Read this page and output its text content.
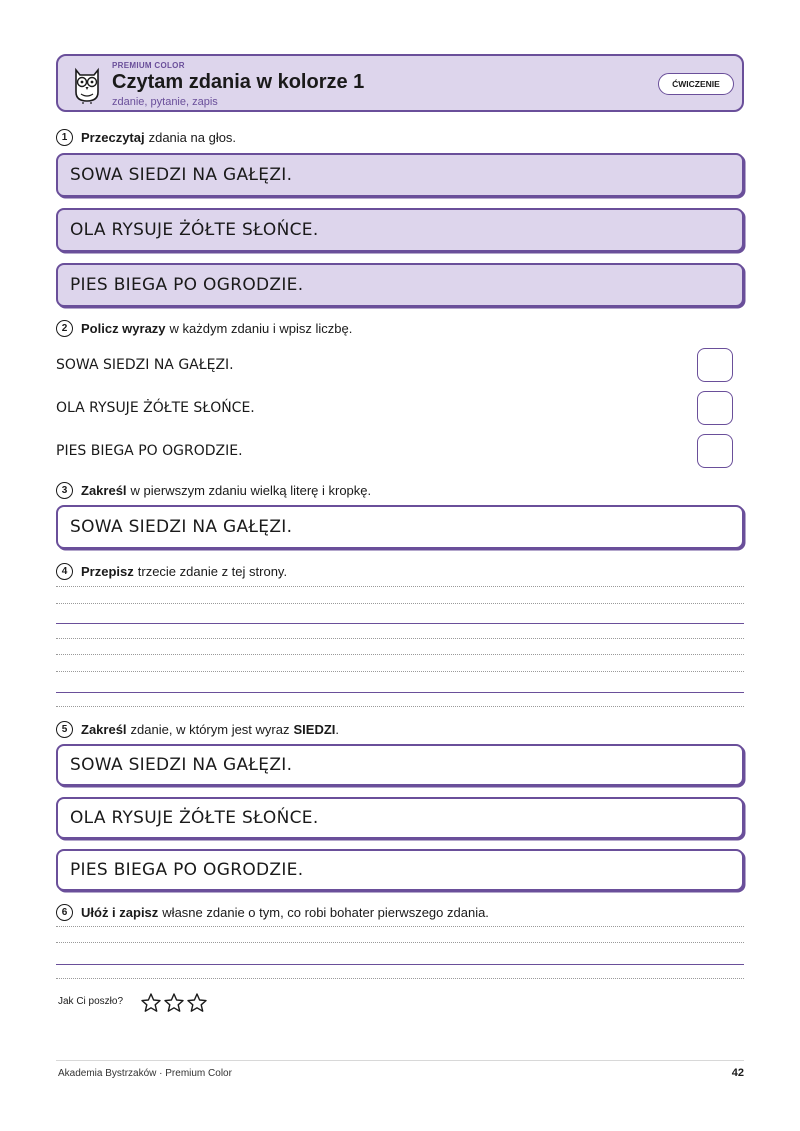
PREMIUM COLOR
Czytam zdania w kolorze 1
zdanie, pytanie, zapis
ĆWICZENIE
1	Przeczytaj zdania na głos.
SOWA SIEDZI NA GAŁĘZI.
OLA RYSUJE ŻÓŁTE SŁOŃCE.
PIES BIEGA PO OGRODZIE.
2	Policz wyrazy w każdym zdaniu i wpisz liczbę.
SOWA SIEDZI NA GAŁĘZI.
OLA RYSUJE ŻÓŁTE SŁOŃCE.
PIES BIEGA PO OGRODZIE.
3	Zakreśl w pierwszym zdaniu wielką literę i kropkę.
SOWA SIEDZI NA GAŁĘZI.
4	Przepisz trzecie zdanie z tej strony.
5	Zakreśl zdanie, w którym jest wyraz SIEDZI .
SOWA SIEDZI NA GAŁĘZI.
OLA RYSUJE ŻÓŁTE SŁOŃCE.
PIES BIEGA PO OGRODZIE.
6	Ułóż i zapisz własne zdanie o tym, co robi bohater pierwszego zdania.
Jak Ci poszło?
Akademia Bystrzaków · Premium Color	42
